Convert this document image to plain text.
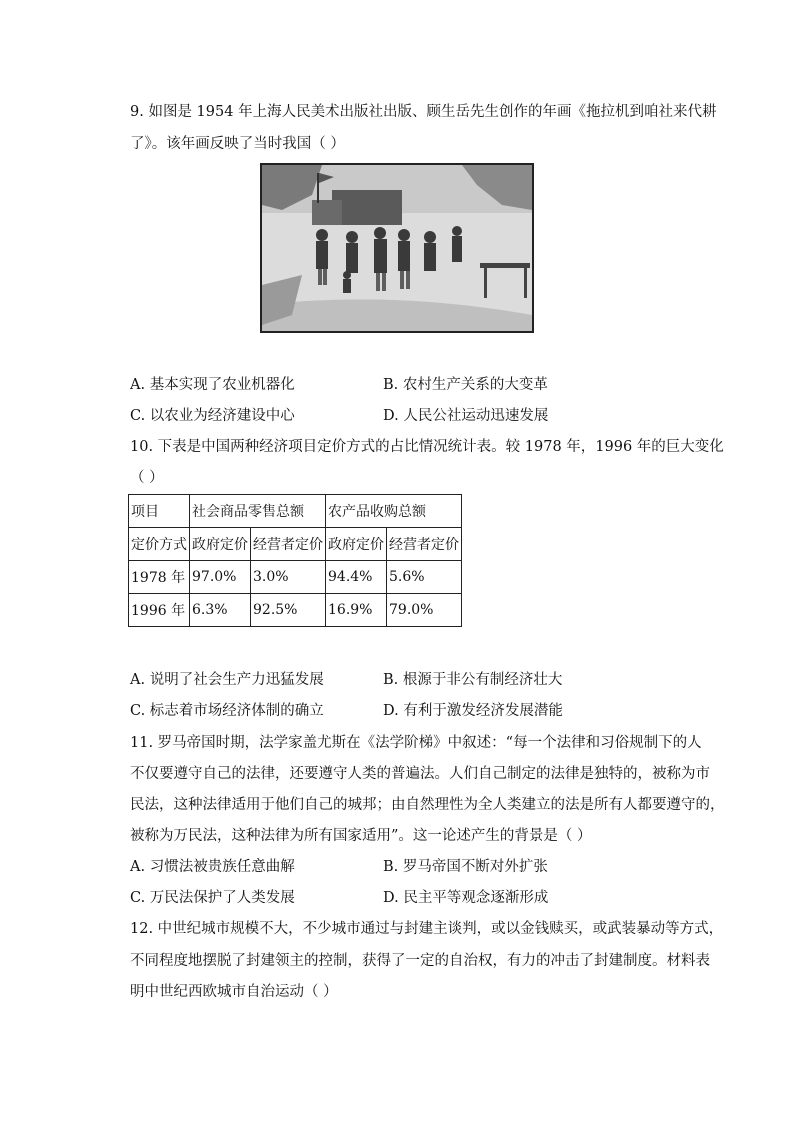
9. 如图是 1954 年上海人民美术出版社出版、顾生岳先生创作的年画《拖拉机到咱社来代耕
了》。该年画反映了当时我国（ ）
A. 基本实现了农业机器化	B. 农村生产关系的大变革
C. 以农业为经济建设中心	D. 人民公社运动迅速发展
10. 下表是中国两种经济项目定价方式的占比情况统计表。较 1978 年，1996 年的巨大变化
（ ）
项目	社会商品零售总额		农产品收购总额	
定价方式	政府定价	经营者定价	政府定价	经营者定价
1978 年	97.0%	3.0%	94.4%	5.6%
1996 年	6.3%	92.5%	16.9%	79.0%
A. 说明了社会生产力迅猛发展	B. 根源于非公有制经济壮大
C. 标志着市场经济体制的确立	D. 有利于激发经济发展潜能
11. 罗马帝国时期，法学家盖尤斯在《法学阶梯》中叙述：“每一个法律和习俗规制下的人
不仅要遵守自己的法律，还要遵守人类的普遍法。人们自己制定的法律是独特的，被称为市
民法，这种法律适用于他们自己的城邦；由自然理性为全人类建立的法是所有人都要遵守的，
被称为万民法，这种法律为所有国家适用”。这一论述产生的背景是（ ）
A. 习惯法被贵族任意曲解	B. 罗马帝国不断对外扩张
C. 万民法保护了人类发展	D. 民主平等观念逐渐形成
12. 中世纪城市规模不大，不少城市通过与封建主谈判，或以金钱赎买，或武装暴动等方式，
不同程度地摆脱了封建领主的控制，获得了一定的自治权，有力的冲击了封建制度。材料表
明中世纪西欧城市自治运动（ ）
